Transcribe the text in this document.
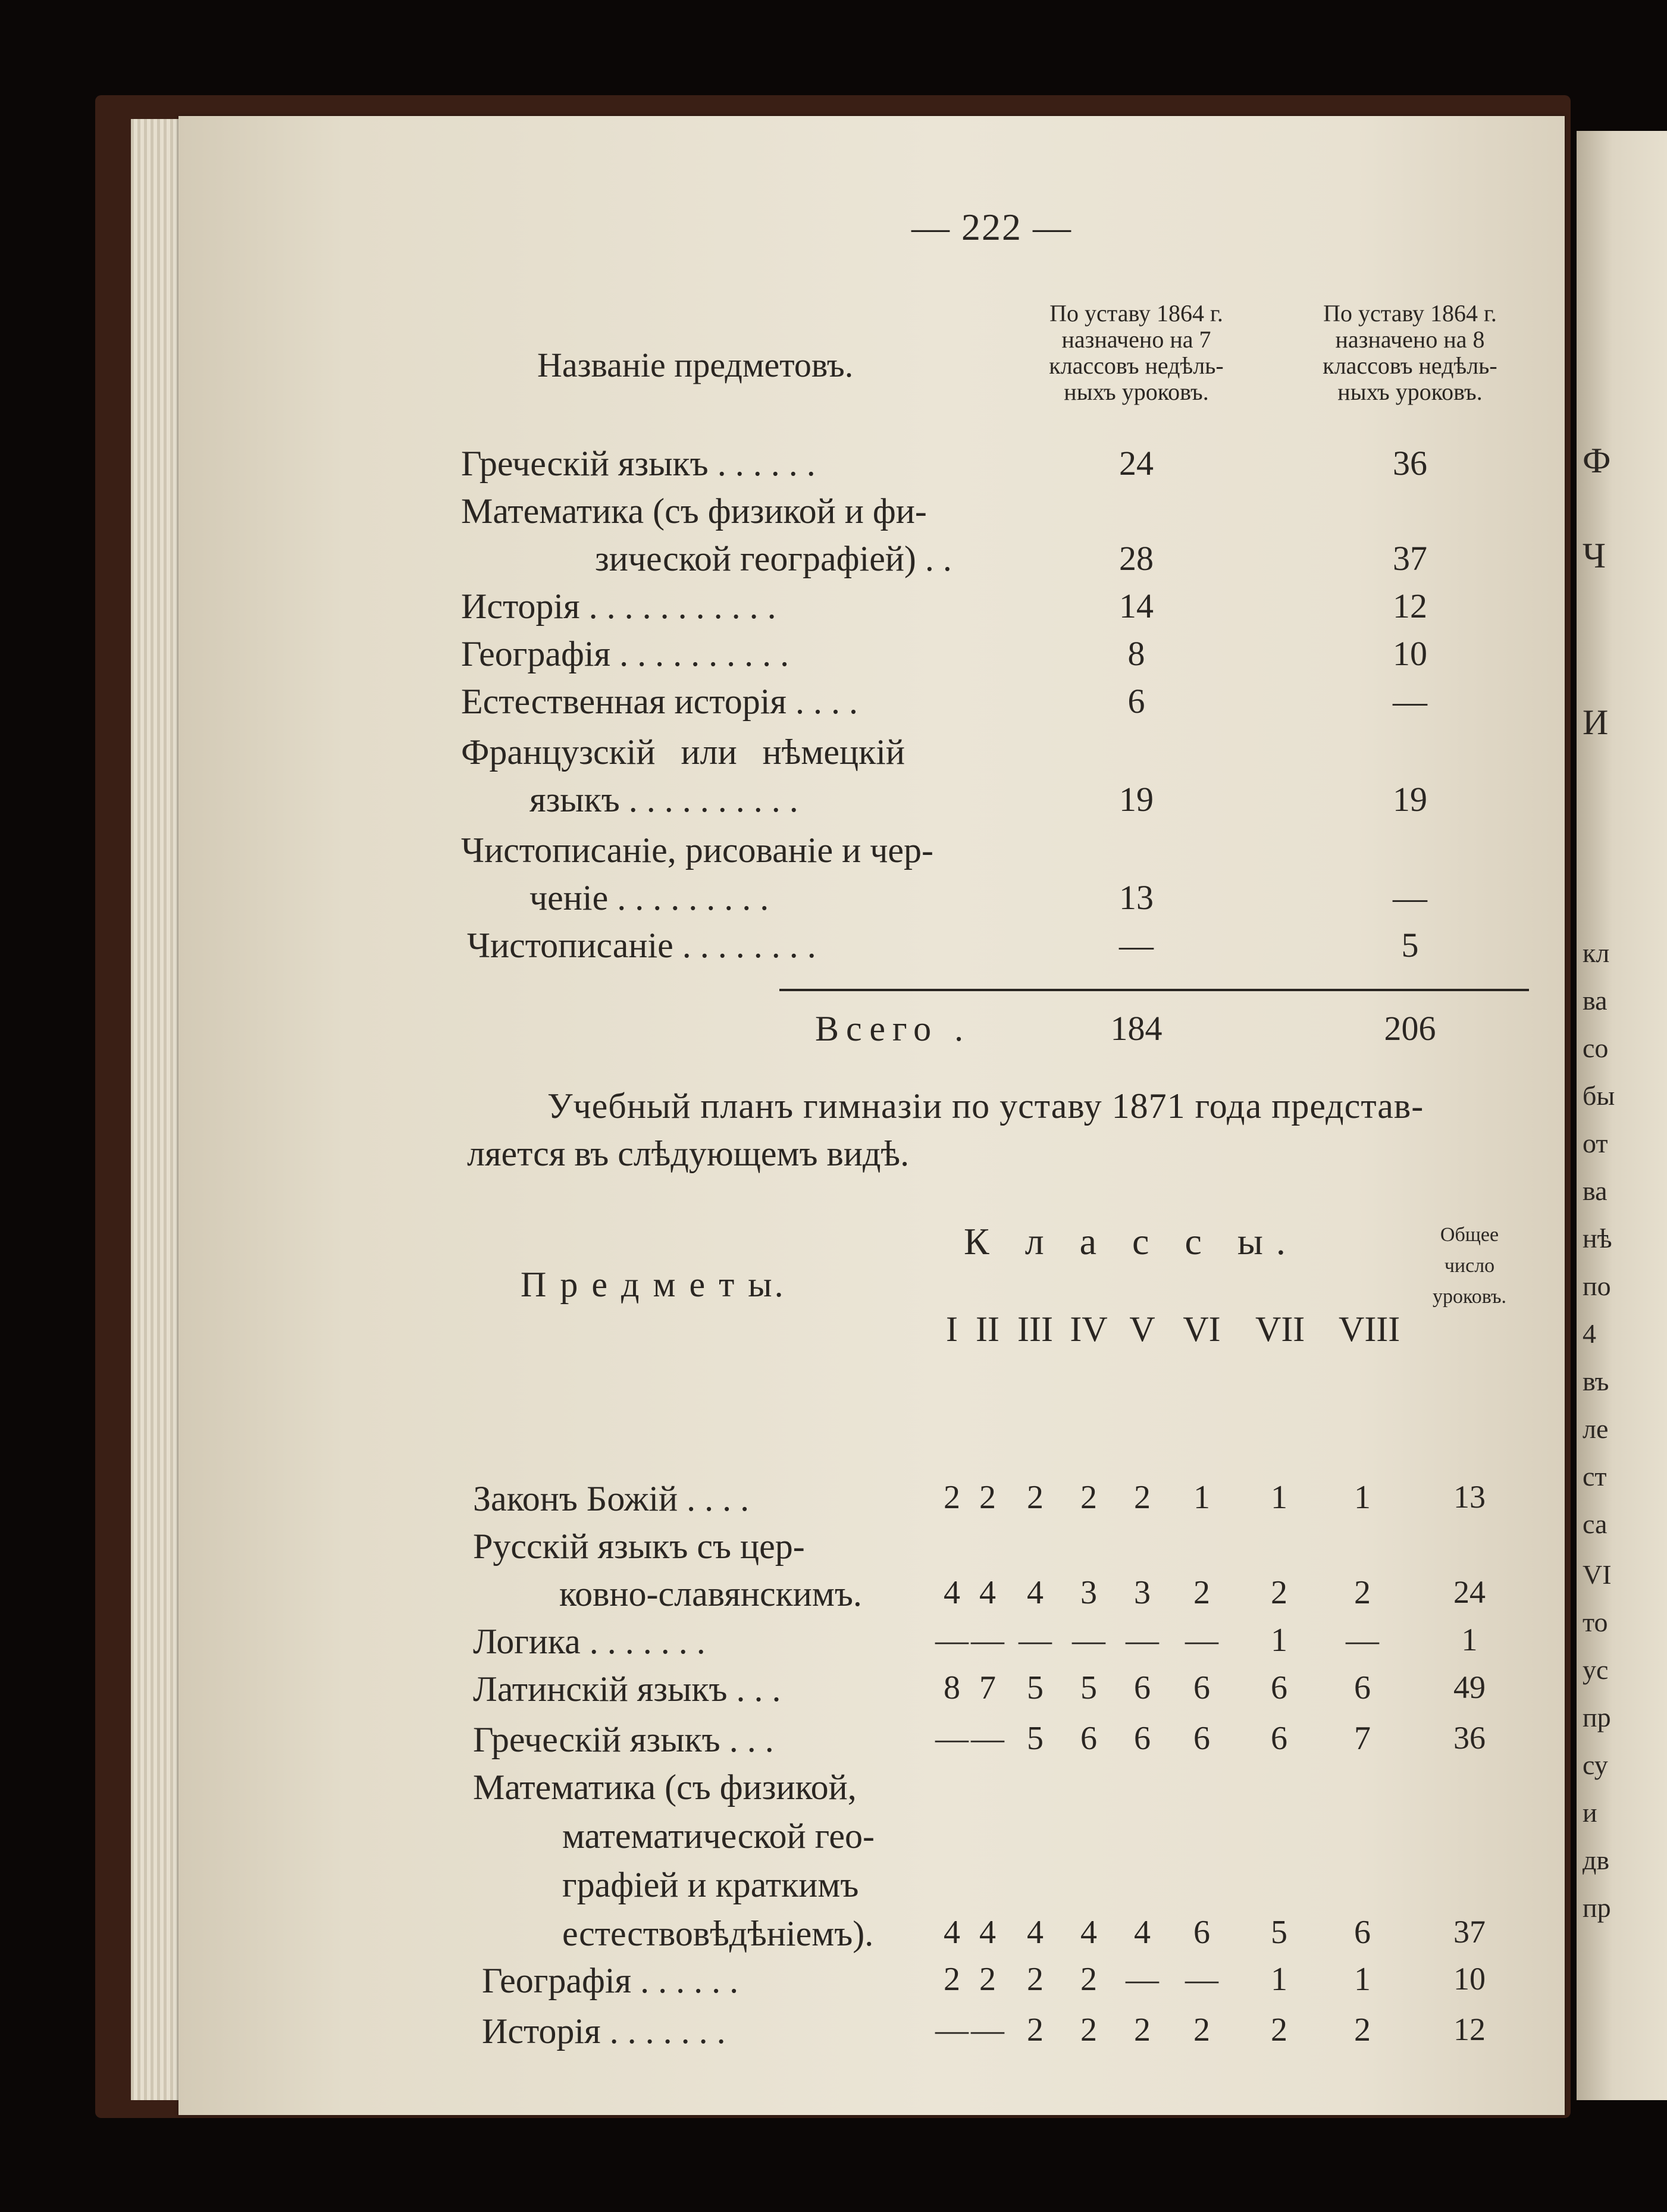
— 222 —
Названіе предметовъ.
По уставу 1864 г.
назначено на 7
классовъ недѣль-
ныхъ уроковъ.
По уставу 1864 г.
назначено на 8
классовъ недѣль-
ныхъ уроковъ.
Греческій языкъ . . . . . .	24	36
Математика (съ физикой и фи-
зической географіей) . .	28	37
Исторія . . . . . . . . . . .	14	12
Географія . . . . . . . . . .	8	10
Естественная исторія . . . .	6	—
Французскій или нѣмецкій
языкъ . . . . . . . . . .	19	19
Чистописаніе, рисованіе и чер-
ченіе . . . . . . . . .	13	—
Чистописаніе . . . . . . . .	—	5
Всего .	184	206
Учебный планъ гимназіи по уставу 1871 года представ-
ляется въ слѣдующемъ видѣ.
П р е д м е т ы.
К л а с с ы.	Общее
число
уроковъ.
I II III IV V VI VII VIII
Законъ Божій . . . .	2 2 2 2 2 1 1 1	13
Русскій языкъ съ цер-
ковно-славянскимъ. 4 4 4 3 3 2 2 2	24
Логика . . . . . . .	— — — — — — 1 —	1
Латинскій языкъ . . .	8 7 5 5 6 6 6 6	49
Греческій языкъ . . .	— — 5 6 6 6 6 7	36
Математика (съ физикой,
математической гео-
графіей и краткимъ
естествовѣдѣніемъ). 4 4 4 4 4 6 5 6	37
Географія . . . . . .	2 2 2 2 — — 1 1	10
Исторія . . . . . . .	— — 2 2 2 2 2 2	12
Ф
Ч
И
кл
ва
со
бы
от
ва
нѣ
по
4
въ
ле
ст
са
VI
то
ус
пр
су
и
дв
пр
